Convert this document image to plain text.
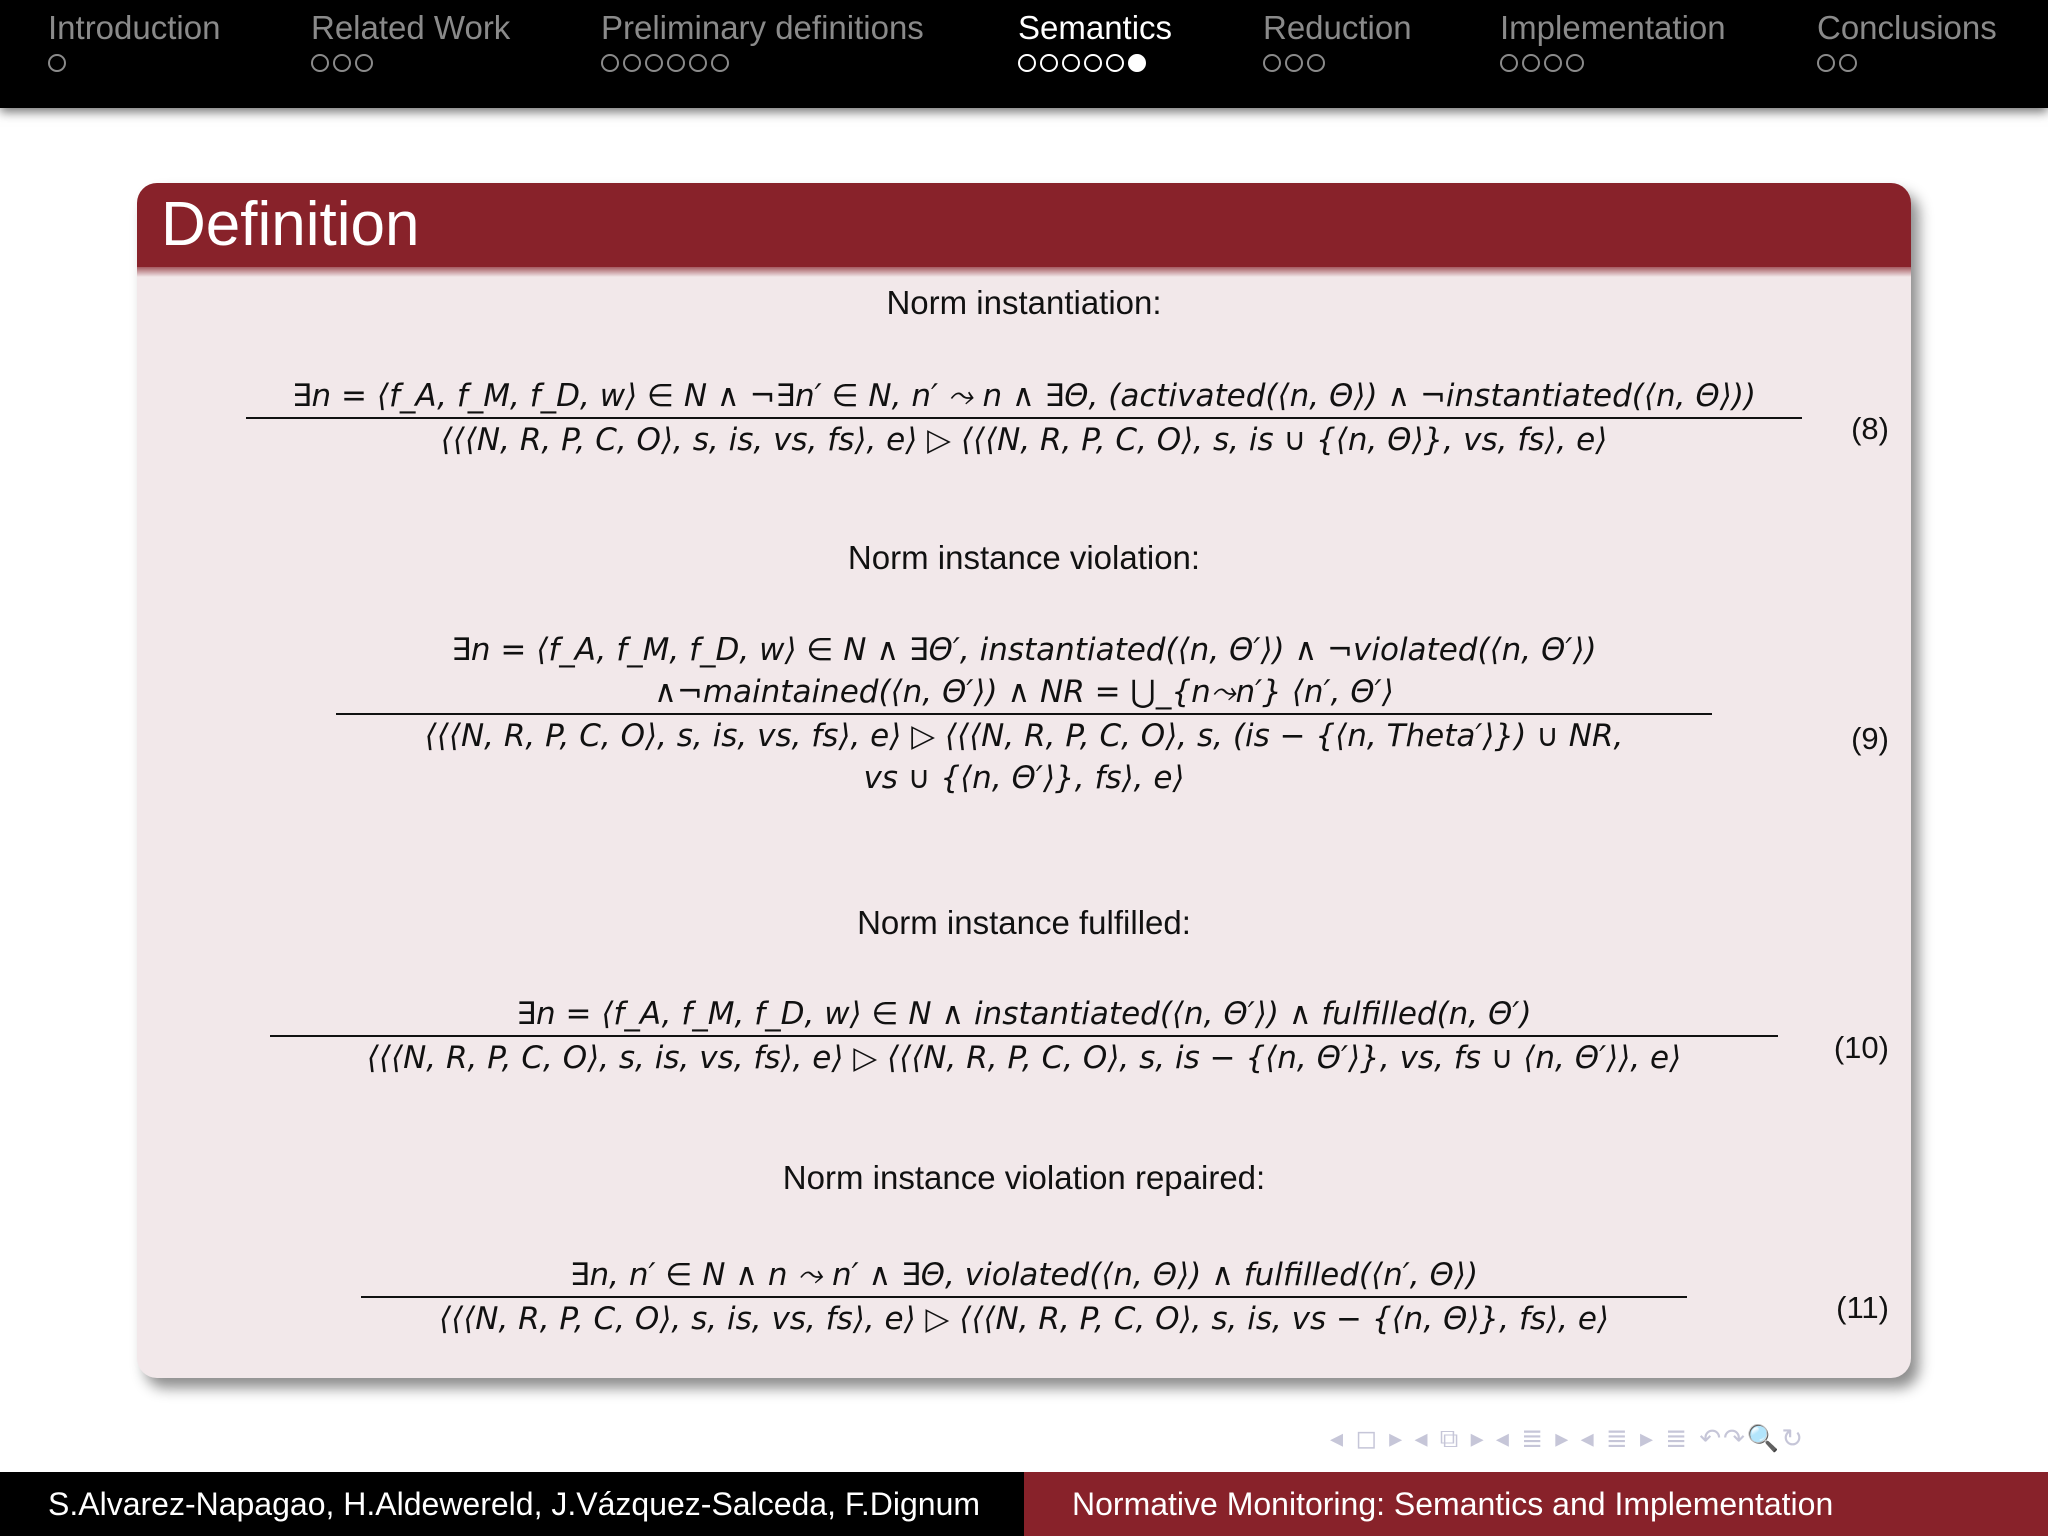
Introduction	Related Work	Preliminary definitions	Semantics	Reduction	Implementation	Conclusions
Definition
Norm instantiation:
∃n = ⟨f_A, f_M, f_D, w⟩ ∈ N ∧ ¬∃n′ ∈ N, n′ ⤳ n ∧ ∃Θ, (activated(⟨n, Θ⟩) ∧ ¬instantiated(⟨n, Θ⟩))
⟨⟨⟨N, R, P, C, O⟩, s, is, vs, fs⟩, e⟩ ▷ ⟨⟨⟨N, R, P, C, O⟩, s, is ∪ {⟨n, Θ⟩}, vs, fs⟩, e⟩	(8)
Norm instance violation:
∃n = ⟨f_A, f_M, f_D, w⟩ ∈ N ∧ ∃Θ′, instantiated(⟨n, Θ′⟩) ∧ ¬violated(⟨n, Θ′⟩)
∧¬maintained(⟨n, Θ′⟩) ∧ NR = ⋃_{n⤳n′} ⟨n′, Θ′⟩
⟨⟨⟨N, R, P, C, O⟩, s, is, vs, fs⟩, e⟩ ▷ ⟨⟨⟨N, R, P, C, O⟩, s, (is − {⟨n, Theta′⟩}) ∪ NR,
vs ∪ {⟨n, Θ′⟩}, fs⟩, e⟩
(9)
Norm instance fulfilled:
∃n = ⟨f_A, f_M, f_D, w⟩ ∈ N ∧ instantiated(⟨n, Θ′⟩) ∧ fulfilled(n, Θ′)
⟨⟨⟨N, R, P, C, O⟩, s, is, vs, fs⟩, e⟩ ▷ ⟨⟨⟨N, R, P, C, O⟩, s, is − {⟨n, Θ′⟩}, vs, fs ∪ ⟨n, Θ′⟩⟩, e⟩	(10)
Norm instance violation repaired:
∃n, n′ ∈ N ∧ n ⤳ n′ ∧ ∃Θ, violated(⟨n, Θ⟩) ∧ fulfilled(⟨n′, Θ⟩)
⟨⟨⟨N, R, P, C, O⟩, s, is, vs, fs⟩, e⟩ ▷ ⟨⟨⟨N, R, P, C, O⟩, s, is, vs − {⟨n, Θ⟩}, fs⟩, e⟩	(11)
◂ ◻ ▸ ◂ ⧉ ▸ ◂ ≣ ▸ ◂ ≣ ▸ ≣ ↶↷🔍↻
S.Alvarez-Napagao, H.Aldewereld, J.Vázquez-Salceda, F.Dignum	Normative Monitoring: Semantics and Implementation
